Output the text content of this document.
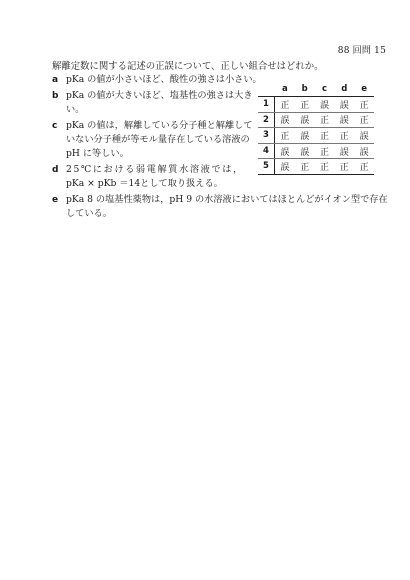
88 回問 15
解離定数に関する記述の正誤について、正しい組合せはどれか。
a pKa の値が小さいほど、酸性の強さは小さい。
b pKa の値が大きいほど、塩基性の強さは大き
い。
c pKa の値は，解離している分子種と解離して
いない分子種が等モル量存在している溶液の
pH に等しい。
d 25℃における弱電解質水溶液では，
pKa × pKb ＝14として取り扱える。
e pKa 8 の塩基性薬物は，pH 9 の水溶液においてはほとんどがイオン型で存在
している。
a	b	c	d	e
1	正	正	誤	誤	正
2	誤	誤	正	誤	正
3	正	誤	正	正	誤
4	誤	誤	正	誤	誤
5	誤	正	正	正	正
